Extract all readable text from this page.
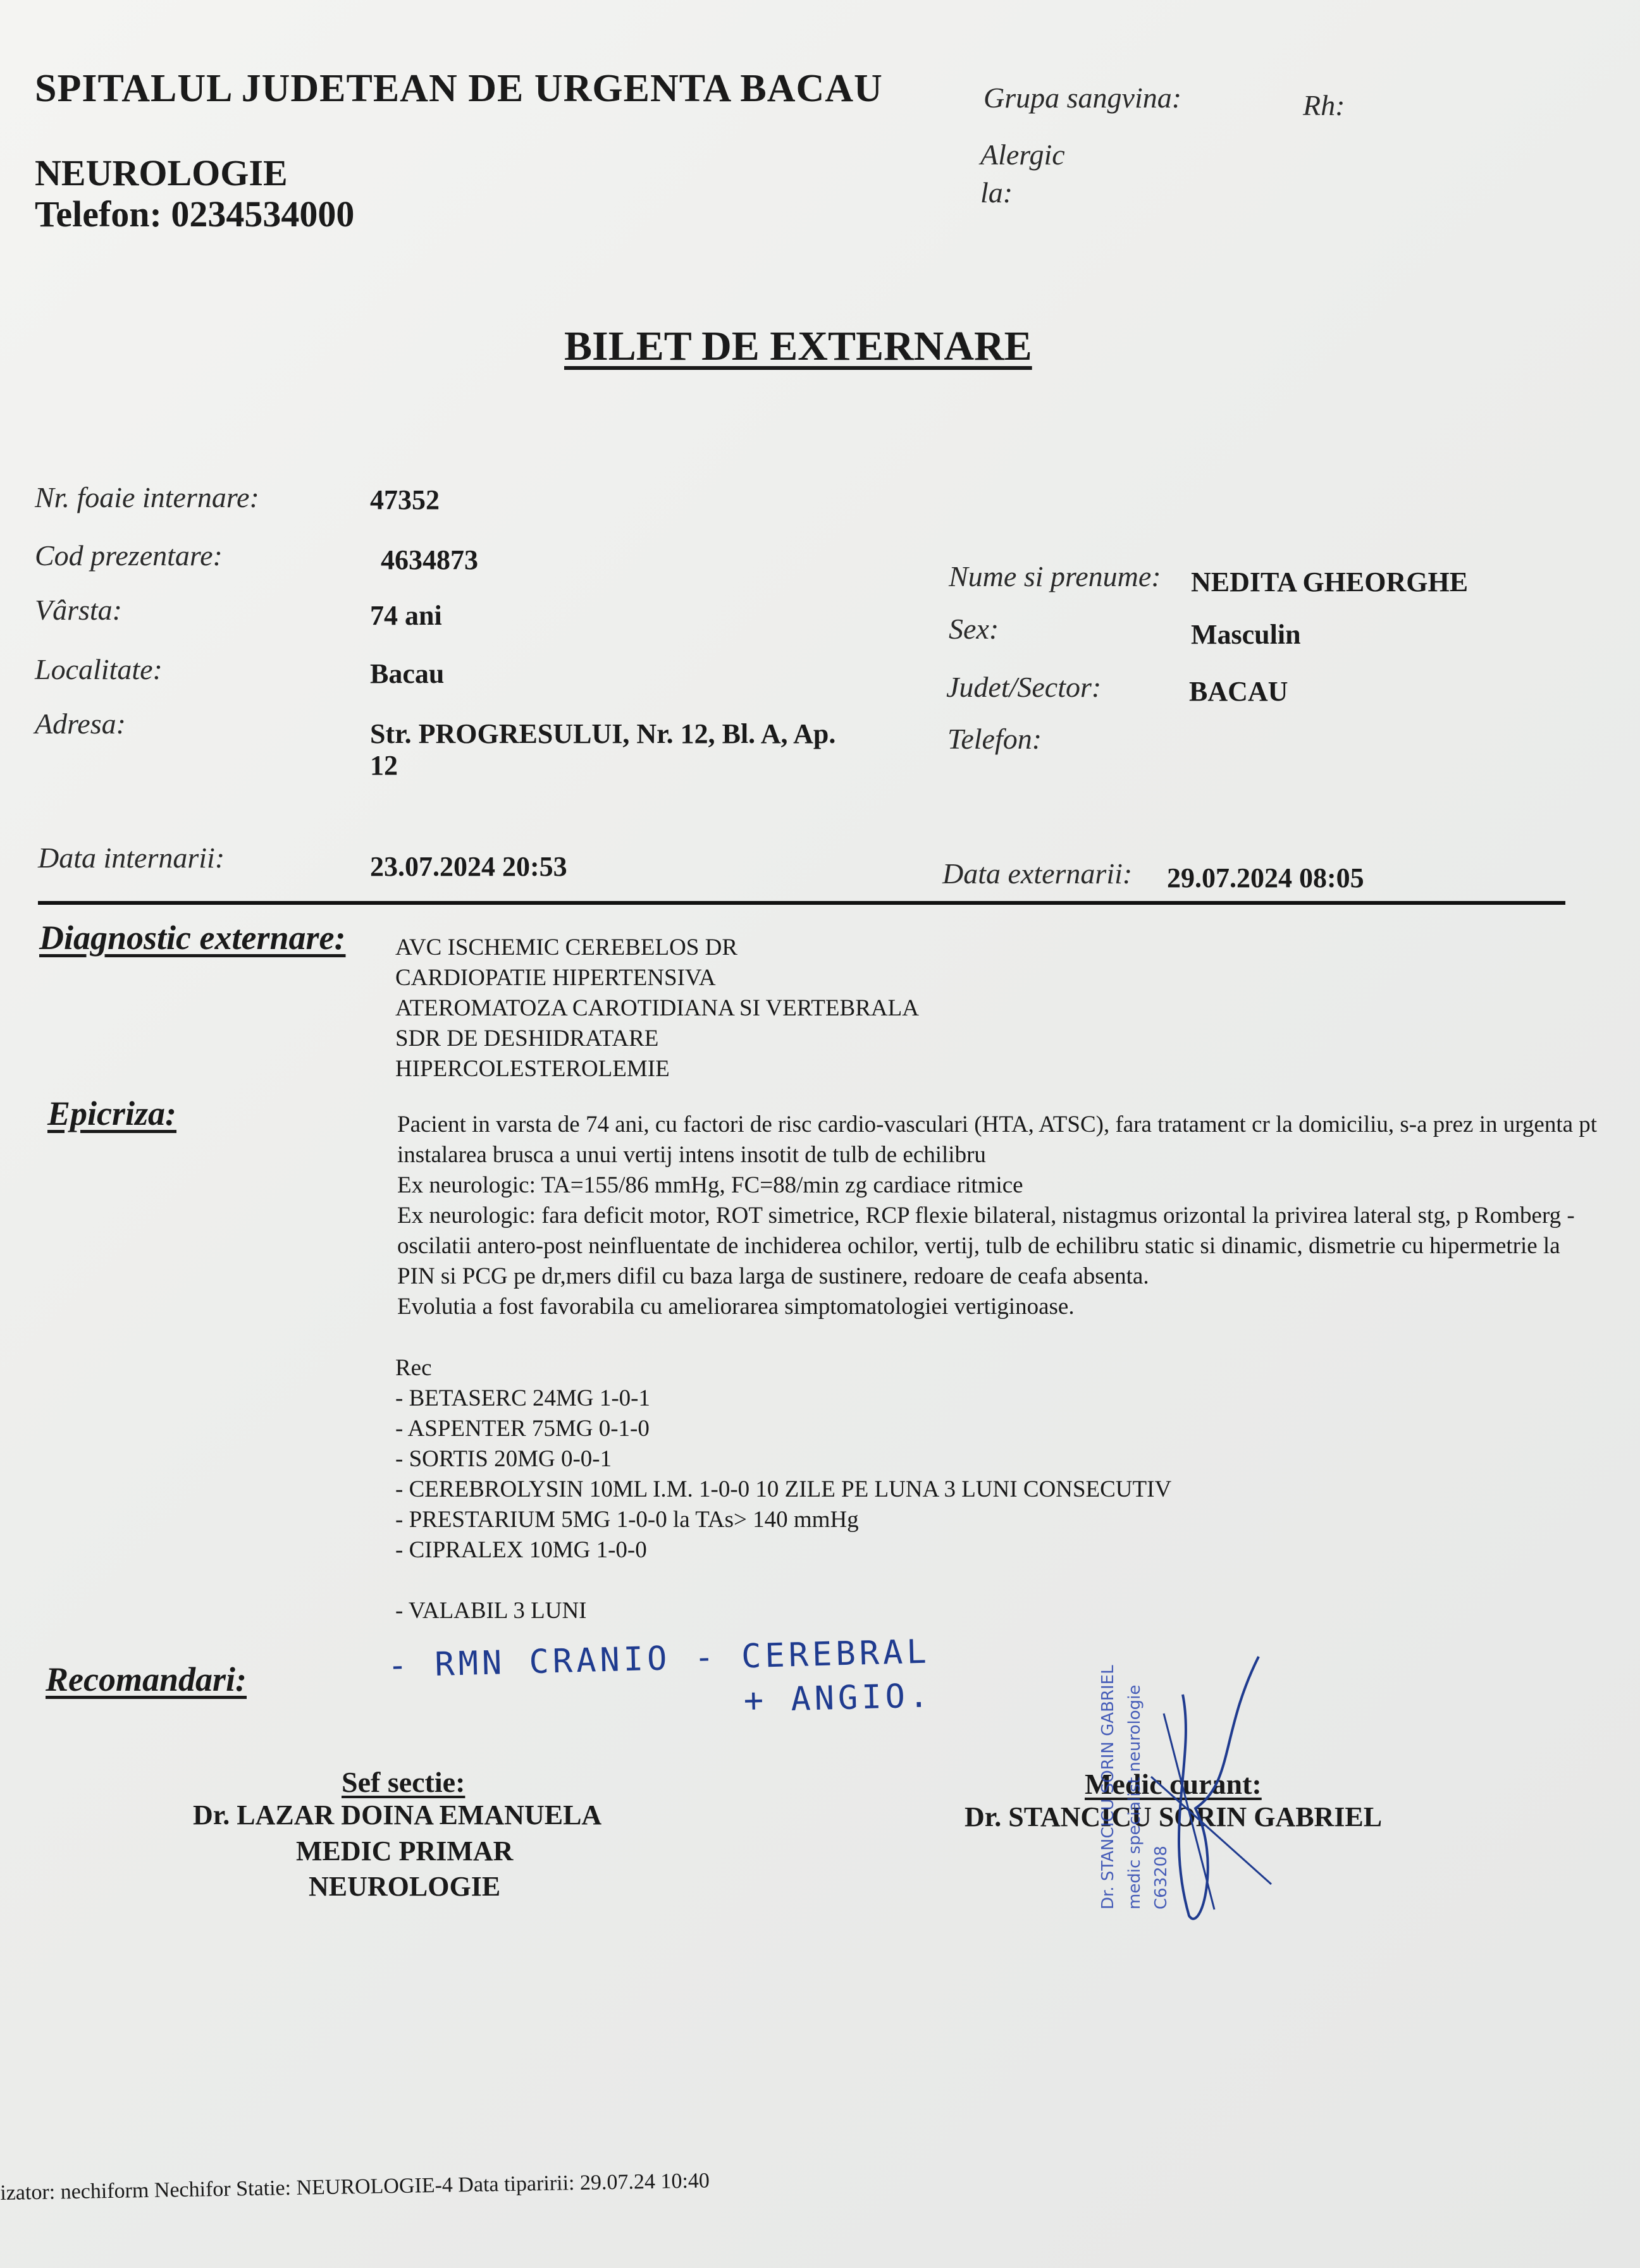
SPITALUL JUDETEAN DE URGENTA BACAU
NEUROLOGIE
Telefon: 0234534000
Grupa sangvina:	Rh:
Alergic
la:
BILET DE EXTERNARE
Nr. foaie internare:	47352
Cod prezentare:	4634873
Vârsta:	74 ani
Localitate:	Bacau
Adresa:	Str. PROGRESULUI, Nr. 12, Bl. A, Ap.
12
Nume si prenume: NEDITA GHEORGHE
Sex:	Masculin
Judet/Sector:	BACAU
Telefon:
Data internarii:	23.07.2024 20:53	Data externarii: 29.07.2024 08:05
Diagnostic externare: AVC ISCHEMIC CEREBELOS DR
CARDIOPATIE HIPERTENSIVA
ATEROMATOZA CAROTIDIANA SI VERTEBRALA
SDR DE DESHIDRATARE
HIPERCOLESTEROLEMIE
Epicriza:	Pacient in varsta de 74 ani, cu factori de risc cardio-vasculari (HTA, ATSC), fara tratament cr la domiciliu, s-a prez in urgenta pt instalarea brusca a unui vertij intens insotit de tulb de echilibru
Ex neurologic: TA=155/86 mmHg, FC=88/min zg cardiace ritmice
Ex neurologic: fara deficit motor, ROT simetrice, RCP flexie bilateral, nistagmus orizontal la privirea lateral stg, p Romberg - oscilatii antero-post neinfluentate de inchiderea ochilor, vertij, tulb de echilibru static si dinamic, dismetrie cu hipermetrie la PIN si PCG pe dr,mers difil cu baza larga de sustinere, redoare de ceafa absenta.
Evolutia a fost favorabila cu ameliorarea simptomatologiei vertiginoase.
Rec
- BETASERC 24MG 1-0-1
- ASPENTER 75MG 0-1-0
- SORTIS 20MG 0-0-1
- CEREBROLYSIN 10ML I.M. 1-0-0 10 ZILE PE LUNA 3 LUNI CONSECUTIV
- PRESTARIUM 5MG 1-0-0 la TAs> 140 mmHg
- CIPRALEX 10MG 1-0-0
- VALABIL 3 LUNI
Recomandari:	- RMN CRANIO - CEREBRAL
+ ANGIO.
Sef sectie:
Dr. LAZAR DOINA EMANUELA
MEDIC PRIMAR
NEUROLOGIE
Medic curant:
Dr. STANCICU SORIN GABRIEL
Dr. STANCICU SORIN GABRIEL medic specialist neurologie C63208
izator: nechiform Nechifor Statie: NEUROLOGIE-4 Data tiparirii: 29.07.24 10:40
